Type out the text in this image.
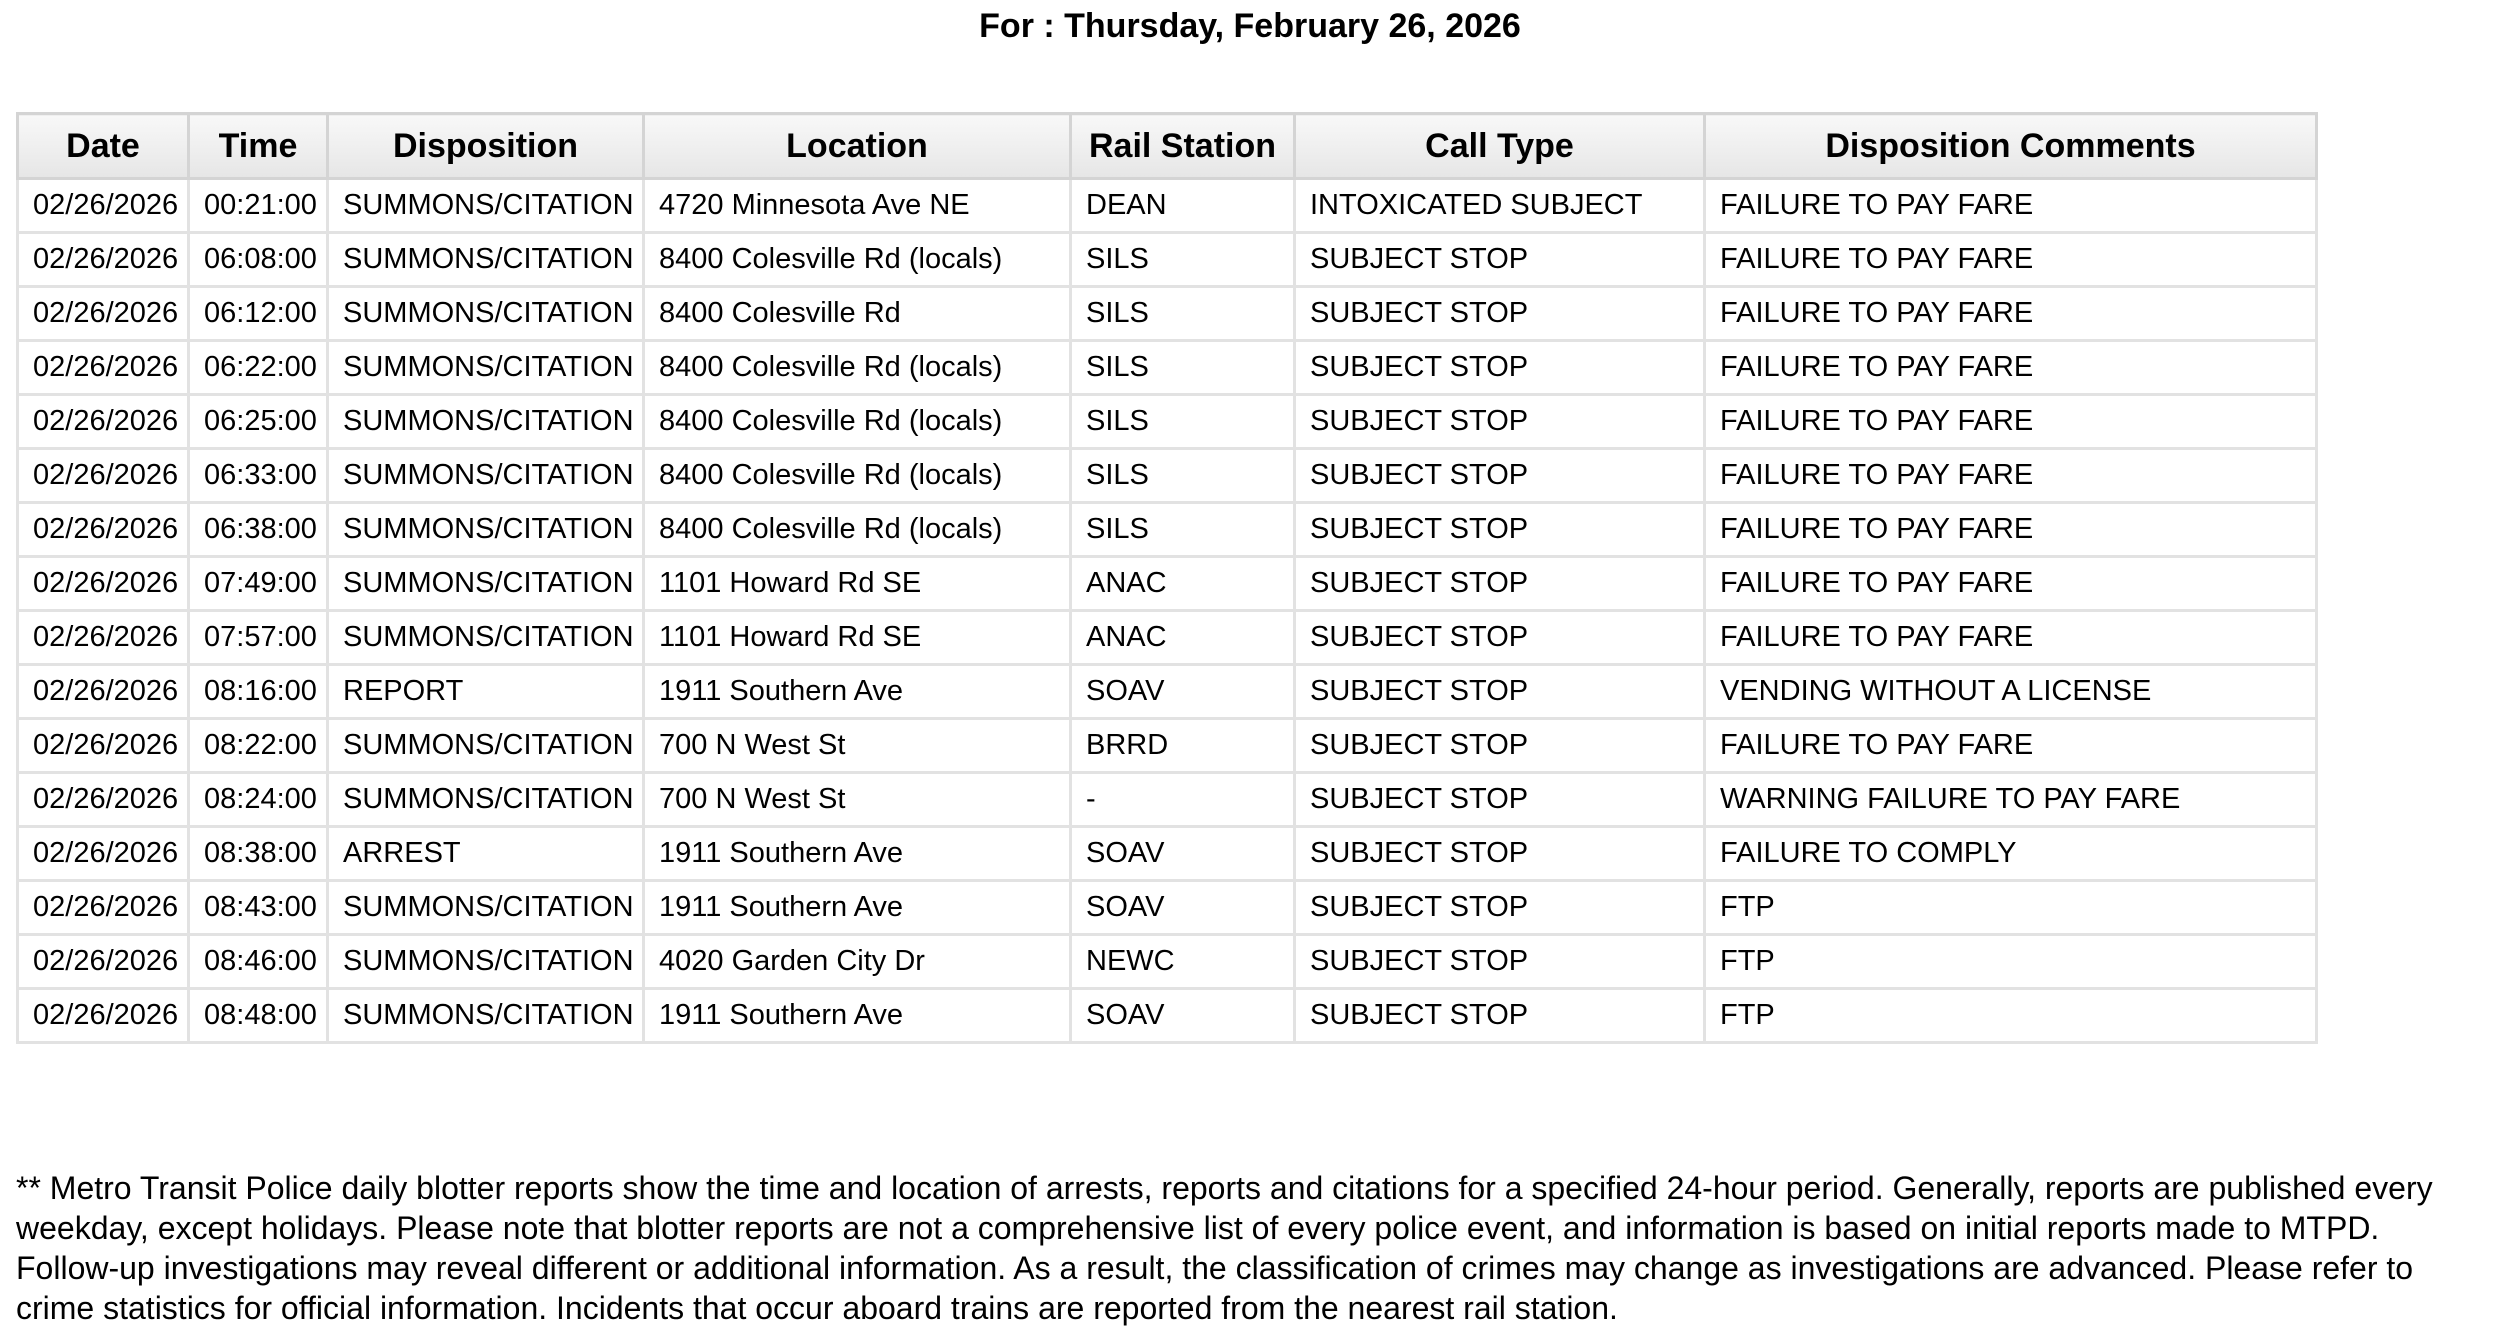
For : Thursday, February 26, 2026
Date	Time	Disposition	Location	Rail Station	Call Type	Disposition Comments
02/26/2026	00:21:00	SUMMONS/CITATION	4720 Minnesota Ave NE	DEAN	INTOXICATED SUBJECT	FAILURE TO PAY FARE
02/26/2026	06:08:00	SUMMONS/CITATION	8400 Colesville Rd (locals)	SILS	SUBJECT STOP	FAILURE TO PAY FARE
02/26/2026	06:12:00	SUMMONS/CITATION	8400 Colesville Rd	SILS	SUBJECT STOP	FAILURE TO PAY FARE
02/26/2026	06:22:00	SUMMONS/CITATION	8400 Colesville Rd (locals)	SILS	SUBJECT STOP	FAILURE TO PAY FARE
02/26/2026	06:25:00	SUMMONS/CITATION	8400 Colesville Rd (locals)	SILS	SUBJECT STOP	FAILURE TO PAY FARE
02/26/2026	06:33:00	SUMMONS/CITATION	8400 Colesville Rd (locals)	SILS	SUBJECT STOP	FAILURE TO PAY FARE
02/26/2026	06:38:00	SUMMONS/CITATION	8400 Colesville Rd (locals)	SILS	SUBJECT STOP	FAILURE TO PAY FARE
02/26/2026	07:49:00	SUMMONS/CITATION	1101 Howard Rd SE	ANAC	SUBJECT STOP	FAILURE TO PAY FARE
02/26/2026	07:57:00	SUMMONS/CITATION	1101 Howard Rd SE	ANAC	SUBJECT STOP	FAILURE TO PAY FARE
02/26/2026	08:16:00	REPORT	1911 Southern Ave	SOAV	SUBJECT STOP	VENDING WITHOUT A LICENSE
02/26/2026	08:22:00	SUMMONS/CITATION	700 N West St	BRRD	SUBJECT STOP	FAILURE TO PAY FARE
02/26/2026	08:24:00	SUMMONS/CITATION	700 N West St	-	SUBJECT STOP	WARNING FAILURE TO PAY FARE
02/26/2026	08:38:00	ARREST	1911 Southern Ave	SOAV	SUBJECT STOP	FAILURE TO COMPLY
02/26/2026	08:43:00	SUMMONS/CITATION	1911 Southern Ave	SOAV	SUBJECT STOP	FTP
02/26/2026	08:46:00	SUMMONS/CITATION	4020 Garden City Dr	NEWC	SUBJECT STOP	FTP
02/26/2026	08:48:00	SUMMONS/CITATION	1911 Southern Ave	SOAV	SUBJECT STOP	FTP

** Metro Transit Police daily blotter reports show the time and location of arrests, reports and citations for a specified 24-hour period. Generally, reports are published every weekday, except holidays. Please note that blotter reports are not a comprehensive list of every police event, and information is based on initial reports made to MTPD. Follow-up investigations may reveal different or additional information. As a result, the classification of crimes may change as investigations are advanced. Please refer to crime statistics for official information. Incidents that occur aboard trains are reported from the nearest rail station.
